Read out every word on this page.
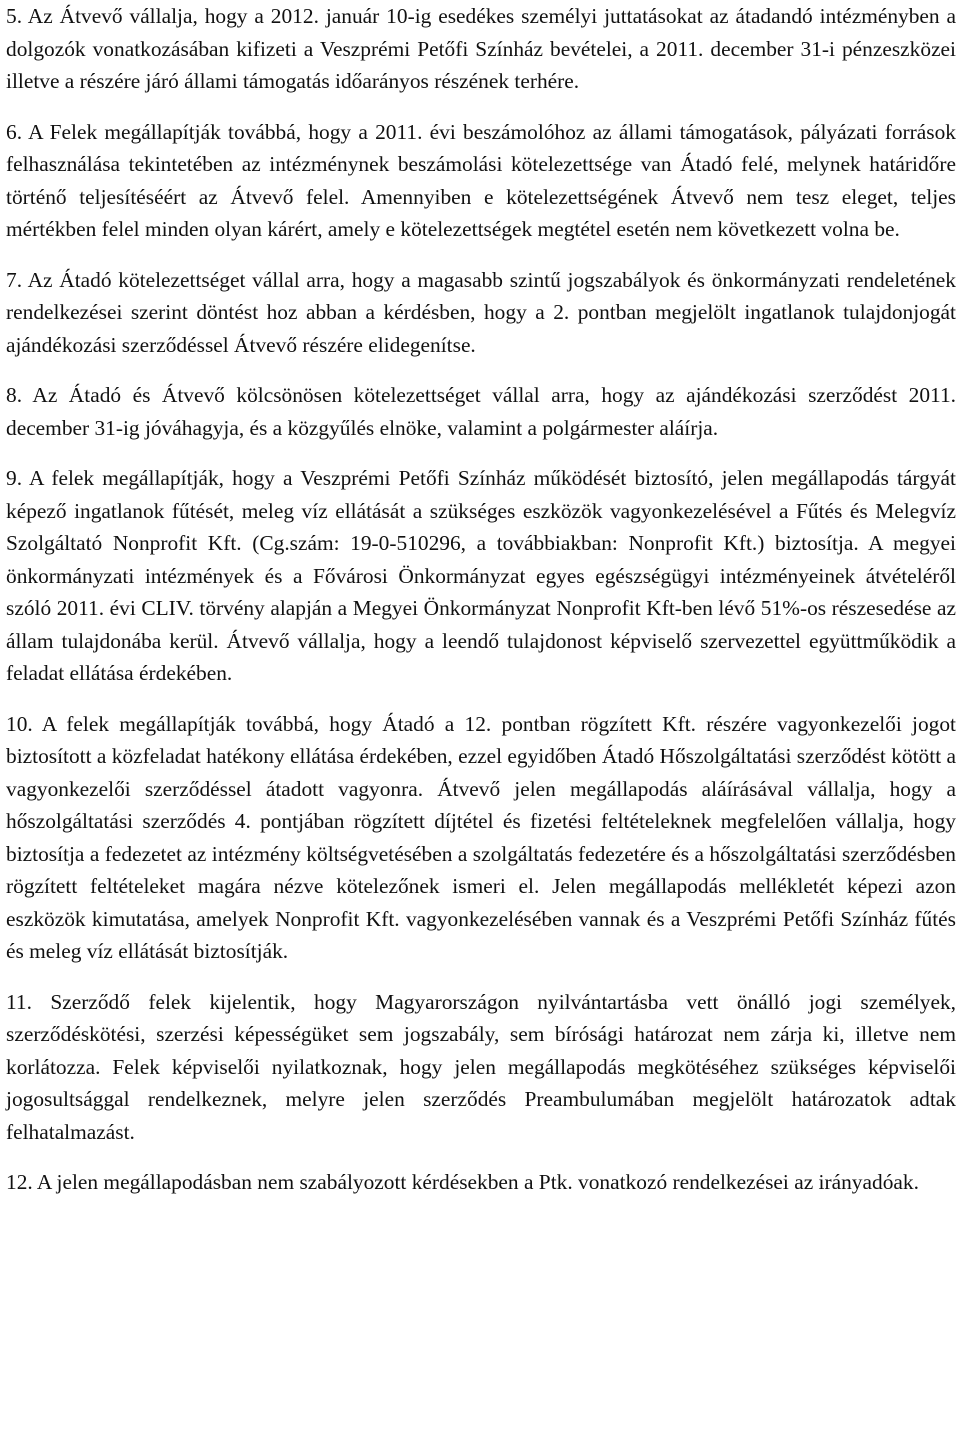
5. Az Átvevő vállalja, hogy a 2012. január 10-ig esedékes személyi juttatásokat az átadandó intézményben a dolgozók vonatkozásában kifizeti a Veszprémi Petőfi Színház bevételei, a 2011. december 31-i pénzeszközei illetve a részére járó állami támogatás időarányos részének terhére.

6. A Felek megállapítják továbbá, hogy a 2011. évi beszámolóhoz az állami támogatások, pályázati források felhasználása tekintetében az intézménynek beszámolási kötelezettsége van Átadó felé, melynek határidőre történő teljesítéséért az Átvevő felel. Amennyiben e kötelezettségének Átvevő nem tesz eleget, teljes mértékben felel minden olyan kárért, amely e kötelezettségek megtétel esetén nem következett volna be.

7. Az Átadó kötelezettséget vállal arra, hogy a magasabb szintű jogszabályok és önkormányzati rendeletének rendelkezései szerint döntést hoz abban a kérdésben, hogy a 2. pontban megjelölt ingatlanok tulajdonjogát ajándékozási szerződéssel Átvevő részére elidegenítse.

8. Az Átadó és Átvevő kölcsönösen kötelezettséget vállal arra, hogy az ajándékozási szerződést 2011. december 31-ig jóváhagyja, és a közgyűlés elnöke, valamint a polgármester aláírja.

9. A felek megállapítják, hogy a Veszprémi Petőfi Színház működését biztosító, jelen megállapodás tárgyát képező ingatlanok fűtését, meleg víz ellátását a szükséges eszközök vagyonkezelésével a Fűtés és Melegvíz Szolgáltató Nonprofit Kft. (Cg.szám: 19-0-510296, a továbbiakban: Nonprofit Kft.) biztosítja. A megyei önkormányzati intézmények és a Fővárosi Önkormányzat egyes egészségügyi intézményeinek átvételéről szóló 2011. évi CLIV. törvény alapján a Megyei Önkormányzat Nonprofit Kft-ben lévő 51%-os részesedése az állam tulajdonába kerül. Átvevő vállalja, hogy a leendő tulajdonost képviselő szervezettel együttműködik a feladat ellátása érdekében.

10. A felek megállapítják továbbá, hogy Átadó a 12. pontban rögzített Kft. részére vagyonkezelői jogot biztosított a közfeladat hatékony ellátása érdekében, ezzel egyidőben Átadó Hőszolgáltatási szerződést kötött a vagyonkezelői szerződéssel átadott vagyonra. Átvevő jelen megállapodás aláírásával vállalja, hogy a hőszolgáltatási szerződés 4. pontjában rögzített díjtétel és fizetési feltételeknek megfelelően vállalja, hogy biztosítja a fedezetet az intézmény költségvetésében a szolgáltatás fedezetére és a hőszolgáltatási szerződésben rögzített feltételeket magára nézve kötelezőnek ismeri el. Jelen megállapodás mellékletét képezi azon eszközök kimutatása, amelyek Nonprofit Kft. vagyonkezelésében vannak és a Veszprémi Petőfi Színház fűtés és meleg víz ellátását biztosítják.

11. Szerződő felek kijelentik, hogy Magyarországon nyilvántartásba vett önálló jogi személyek, szerződéskötési, szerzési képességüket sem jogszabály, sem bírósági határozat nem zárja ki, illetve nem korlátozza. Felek képviselői nyilatkoznak, hogy jelen megállapodás megkötéséhez szükséges képviselői jogosultsággal rendelkeznek, melyre jelen szerződés Preambulumában megjelölt határozatok adtak felhatalmazást.

12. A jelen megállapodásban nem szabályozott kérdésekben a Ptk. vonatkozó rendelkezései az irányadóak.
